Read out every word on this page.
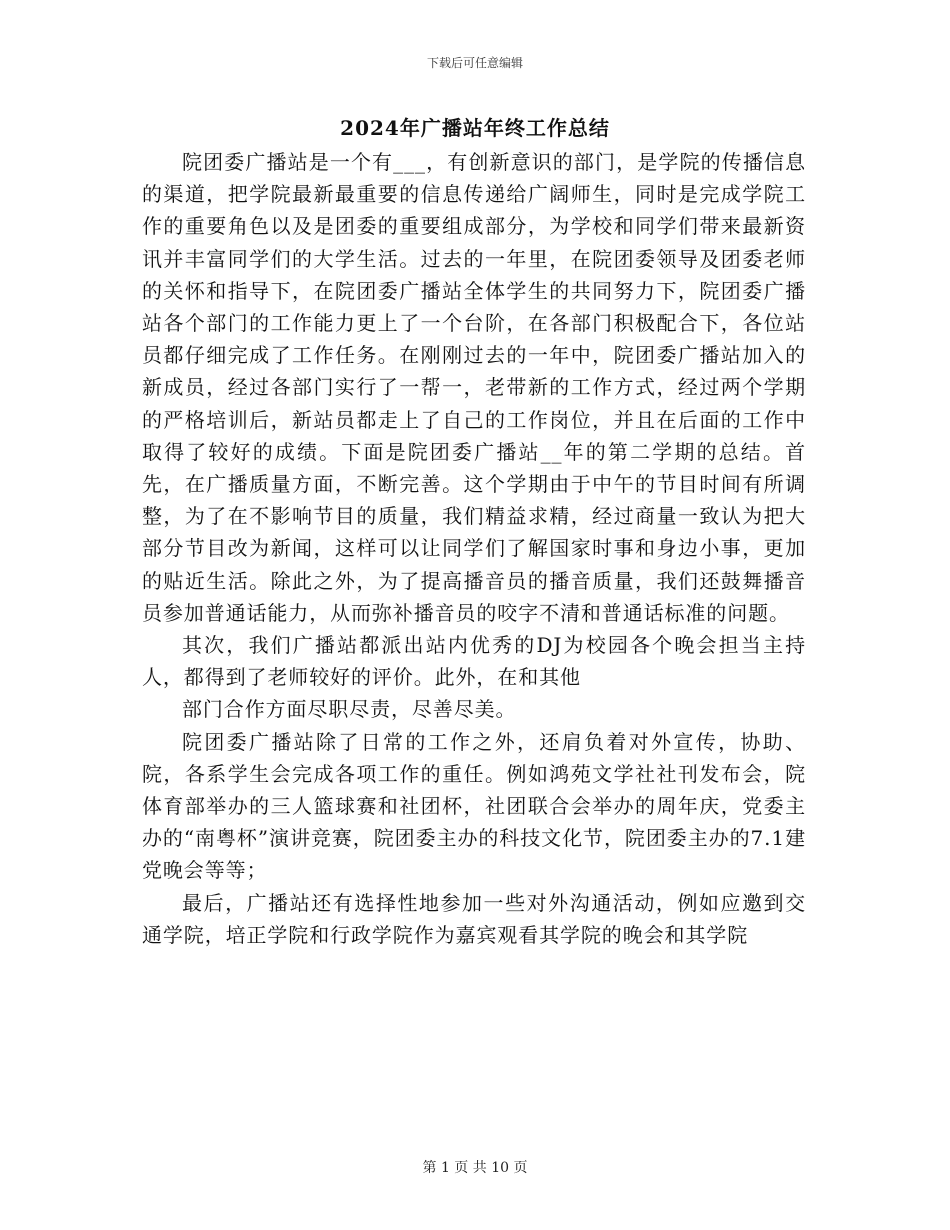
下载后可任意编辑
2024年广播站年终工作总结

院团委广播站是一个有___，有创新意识的部门，是学院的传播信息的渠道，把学院最新最重要的信息传递给广阔师生，同时是完成学院工作的重要角色以及是团委的重要组成部分，为学校和同学们带来最新资讯并丰富同学们的大学生活。过去的一年里，在院团委领导及团委老师的关怀和指导下，在院团委广播站全体学生的共同努力下，院团委广播站各个部门的工作能力更上了一个台阶，在各部门积极配合下，各位站员都仔细完成了工作任务。在刚刚过去的一年中，院团委广播站加入的新成员，经过各部门实行了一帮一，老带新的工作方式，经过两个学期的严格培训后，新站员都走上了自己的工作岗位，并且在后面的工作中取得了较好的成绩。下面是院团委广播站__年的第二学期的总结。首先，在广播质量方面，不断完善。这个学期由于中午的节目时间有所调整，为了在不影响节目的质量，我们精益求精，经过商量一致认为把大部分节目改为新闻，这样可以让同学们了解国家时事和身边小事，更加的贴近生活。除此之外，为了提高播音员的播音质量，我们还鼓舞播音员参加普通话能力，从而弥补播音员的咬字不清和普通话标准的问题。

其次，我们广播站都派出站内优秀的DJ为校园各个晚会担当主持人，都得到了老师较好的评价。此外，在和其他

部门合作方面尽职尽责，尽善尽美。

院团委广播站除了日常的工作之外，还肩负着对外宣传，协助、院，各系学生会完成各项工作的重任。例如鸿苑文学社社刊发布会，院体育部举办的三人篮球赛和社团杯，社团联合会举办的周年庆，党委主办的“南粤杯”演讲竞赛，院团委主办的科技文化节，院团委主办的7.1建党晚会等等；

最后，广播站还有选择性地参加一些对外沟通活动，例如应邀到交通学院，培正学院和行政学院作为嘉宾观看其学院的晚会和其学院

第 1 页 共 10 页
